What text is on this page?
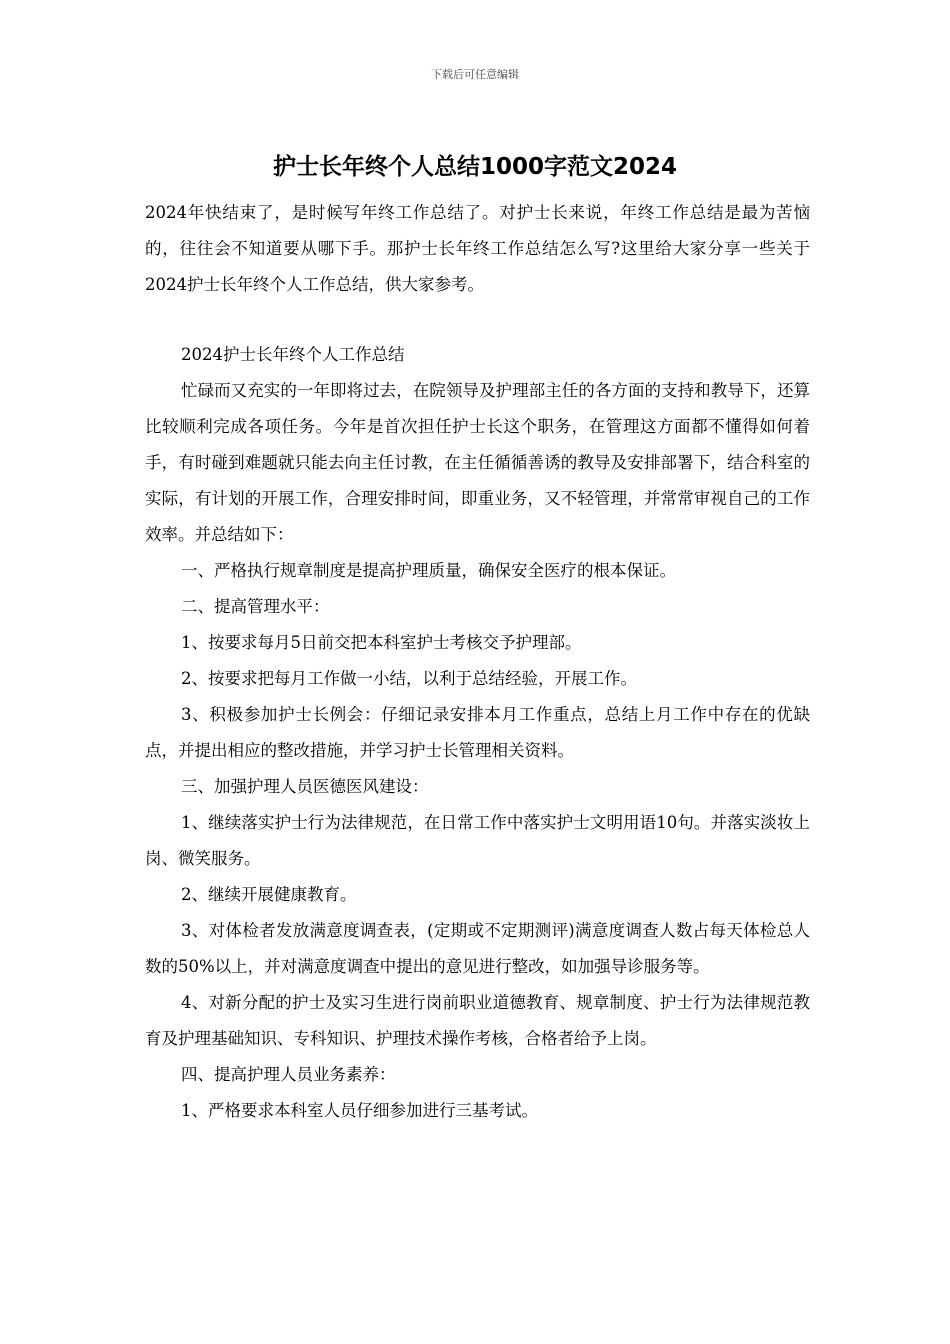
下载后可任意编辑
护士长年终个人总结1000字范文2024

2024年快结束了，是时候写年终工作总结了。对护士长来说，年终工作总结是最为苦恼的，往往会不知道要从哪下手。那护士长年终工作总结怎么写?这里给大家分享一些关于2024护士长年终个人工作总结，供大家参考。

2024护士长年终个人工作总结

忙碌而又充实的一年即将过去，在院领导及护理部主任的各方面的支持和教导下，还算比较顺利完成各项任务。今年是首次担任护士长这个职务，在管理这方面都不懂得如何着手，有时碰到难题就只能去向主任讨教，在主任循循善诱的教导及安排部署下，结合科室的实际，有计划的开展工作，合理安排时间，即重业务，又不轻管理，并常常审视自己的工作效率。并总结如下：

一、严格执行规章制度是提高护理质量，确保安全医疗的根本保证。

二、提高管理水平：

1、按要求每月5日前交把本科室护士考核交予护理部。

2、按要求把每月工作做一小结，以利于总结经验，开展工作。

3、积极参加护士长例会：仔细记录安排本月工作重点，总结上月工作中存在的优缺点，并提出相应的整改措施，并学习护士长管理相关资料。

三、加强护理人员医德医风建设：

1、继续落实护士行为法律规范，在日常工作中落实护士文明用语10句。并落实淡妆上岗、微笑服务。

2、继续开展健康教育。

3、对体检者发放满意度调查表，(定期或不定期测评)满意度调查人数占每天体检总人数的50%以上，并对满意度调查中提出的意见进行整改，如加强导诊服务等。

4、对新分配的护士及实习生进行岗前职业道德教育、规章制度、护士行为法律规范教育及护理基础知识、专科知识、护理技术操作考核，合格者给予上岗。

四、提高护理人员业务素养：

1、严格要求本科室人员仔细参加进行三基考试。
